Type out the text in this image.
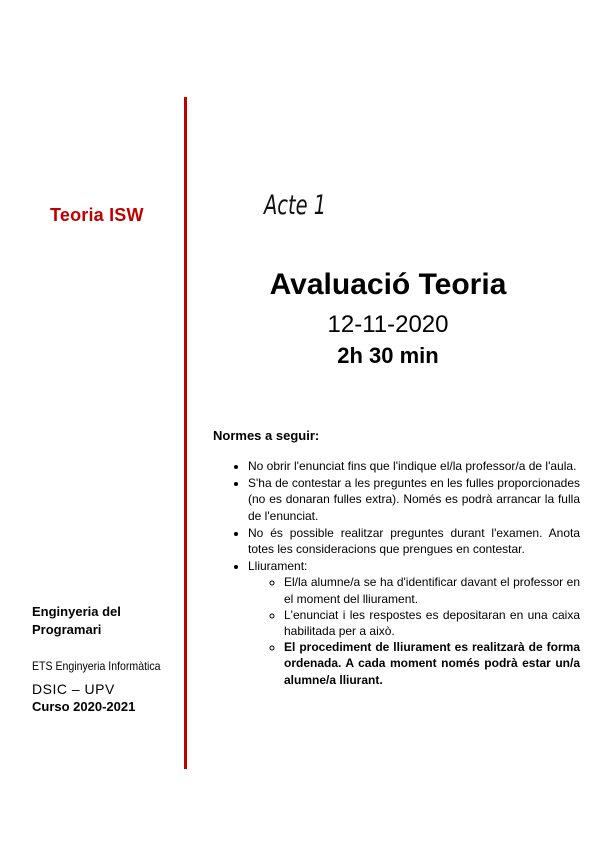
Teoria ISW	Acte 1
Avaluació Teoria
12-11-2020
2h 30 min
Normes a seguir:
• No obrir l'enunciat fins que l'indique el/la professor/a de l'aula.
• S'ha de contestar a les preguntes en les fulles proporcionades (no es donaran fulles extra). Només es podrà arrancar la fulla de l'enunciat.
• No és possible realitzar preguntes durant l'examen. Anota totes les consideracions que prengues en contestar.
• Lliurament:
◦ El/la alumne/a se ha d'identificar davant el professor en el moment del lliurament.
◦ L'enunciat i les respostes es depositaran en una caixa habilitada per a això.
◦ El procediment de lliurament es realitzarà de forma ordenada. A cada moment només podrà estar un/a alumne/a lliurant.
Enginyeria del Programari
ETS Enginyeria Informàtica
DSIC – UPV
Curso 2020-2021
